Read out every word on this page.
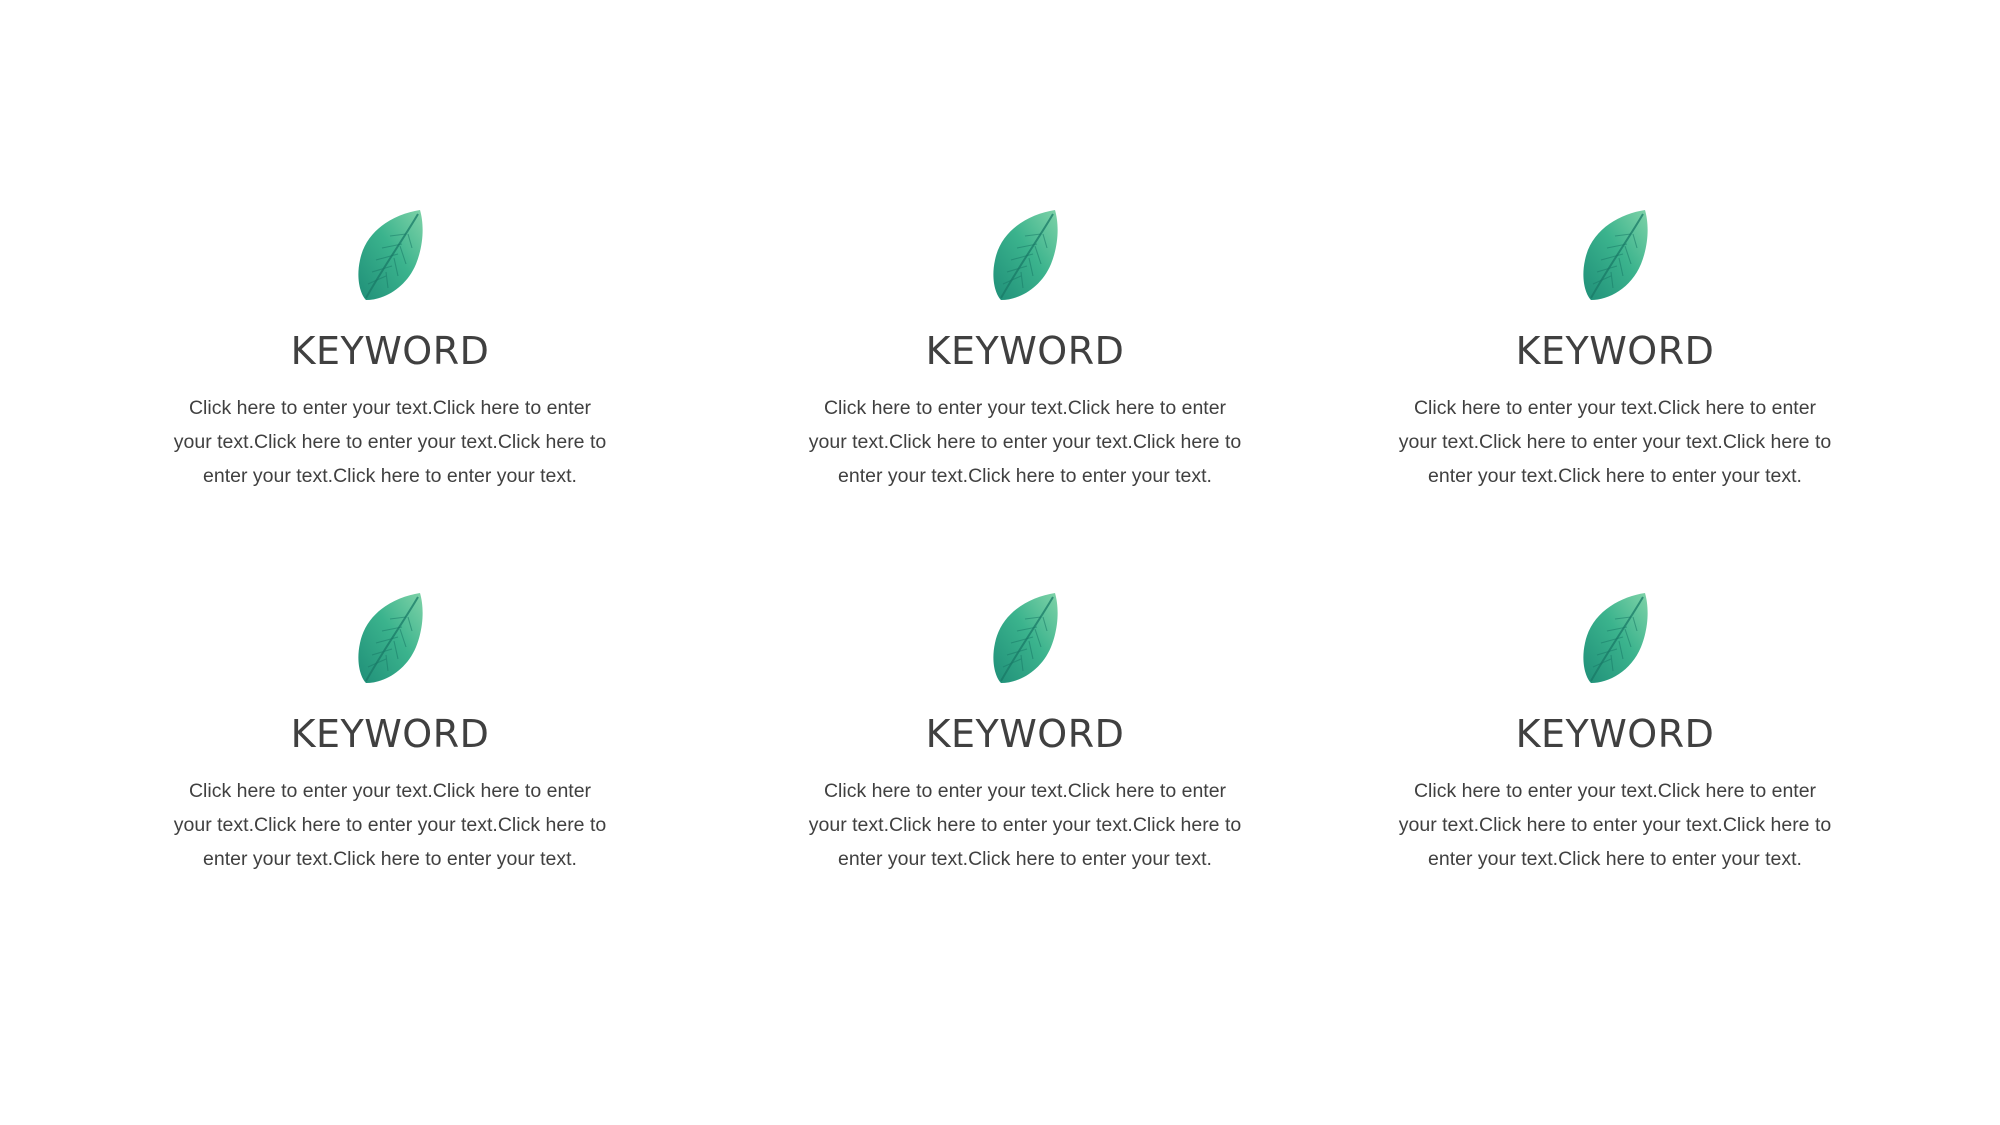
KEYWORD
Click here to enter your text.Click here to enter your text.Click here to enter your text.Click here to enter your text.Click here to enter your text.
KEYWORD
Click here to enter your text.Click here to enter your text.Click here to enter your text.Click here to enter your text.Click here to enter your text.
KEYWORD
Click here to enter your text.Click here to enter your text.Click here to enter your text.Click here to enter your text.Click here to enter your text.
KEYWORD
Click here to enter your text.Click here to enter your text.Click here to enter your text.Click here to enter your text.Click here to enter your text.
KEYWORD
Click here to enter your text.Click here to enter your text.Click here to enter your text.Click here to enter your text.Click here to enter your text.
KEYWORD
Click here to enter your text.Click here to enter your text.Click here to enter your text.Click here to enter your text.Click here to enter your text.
